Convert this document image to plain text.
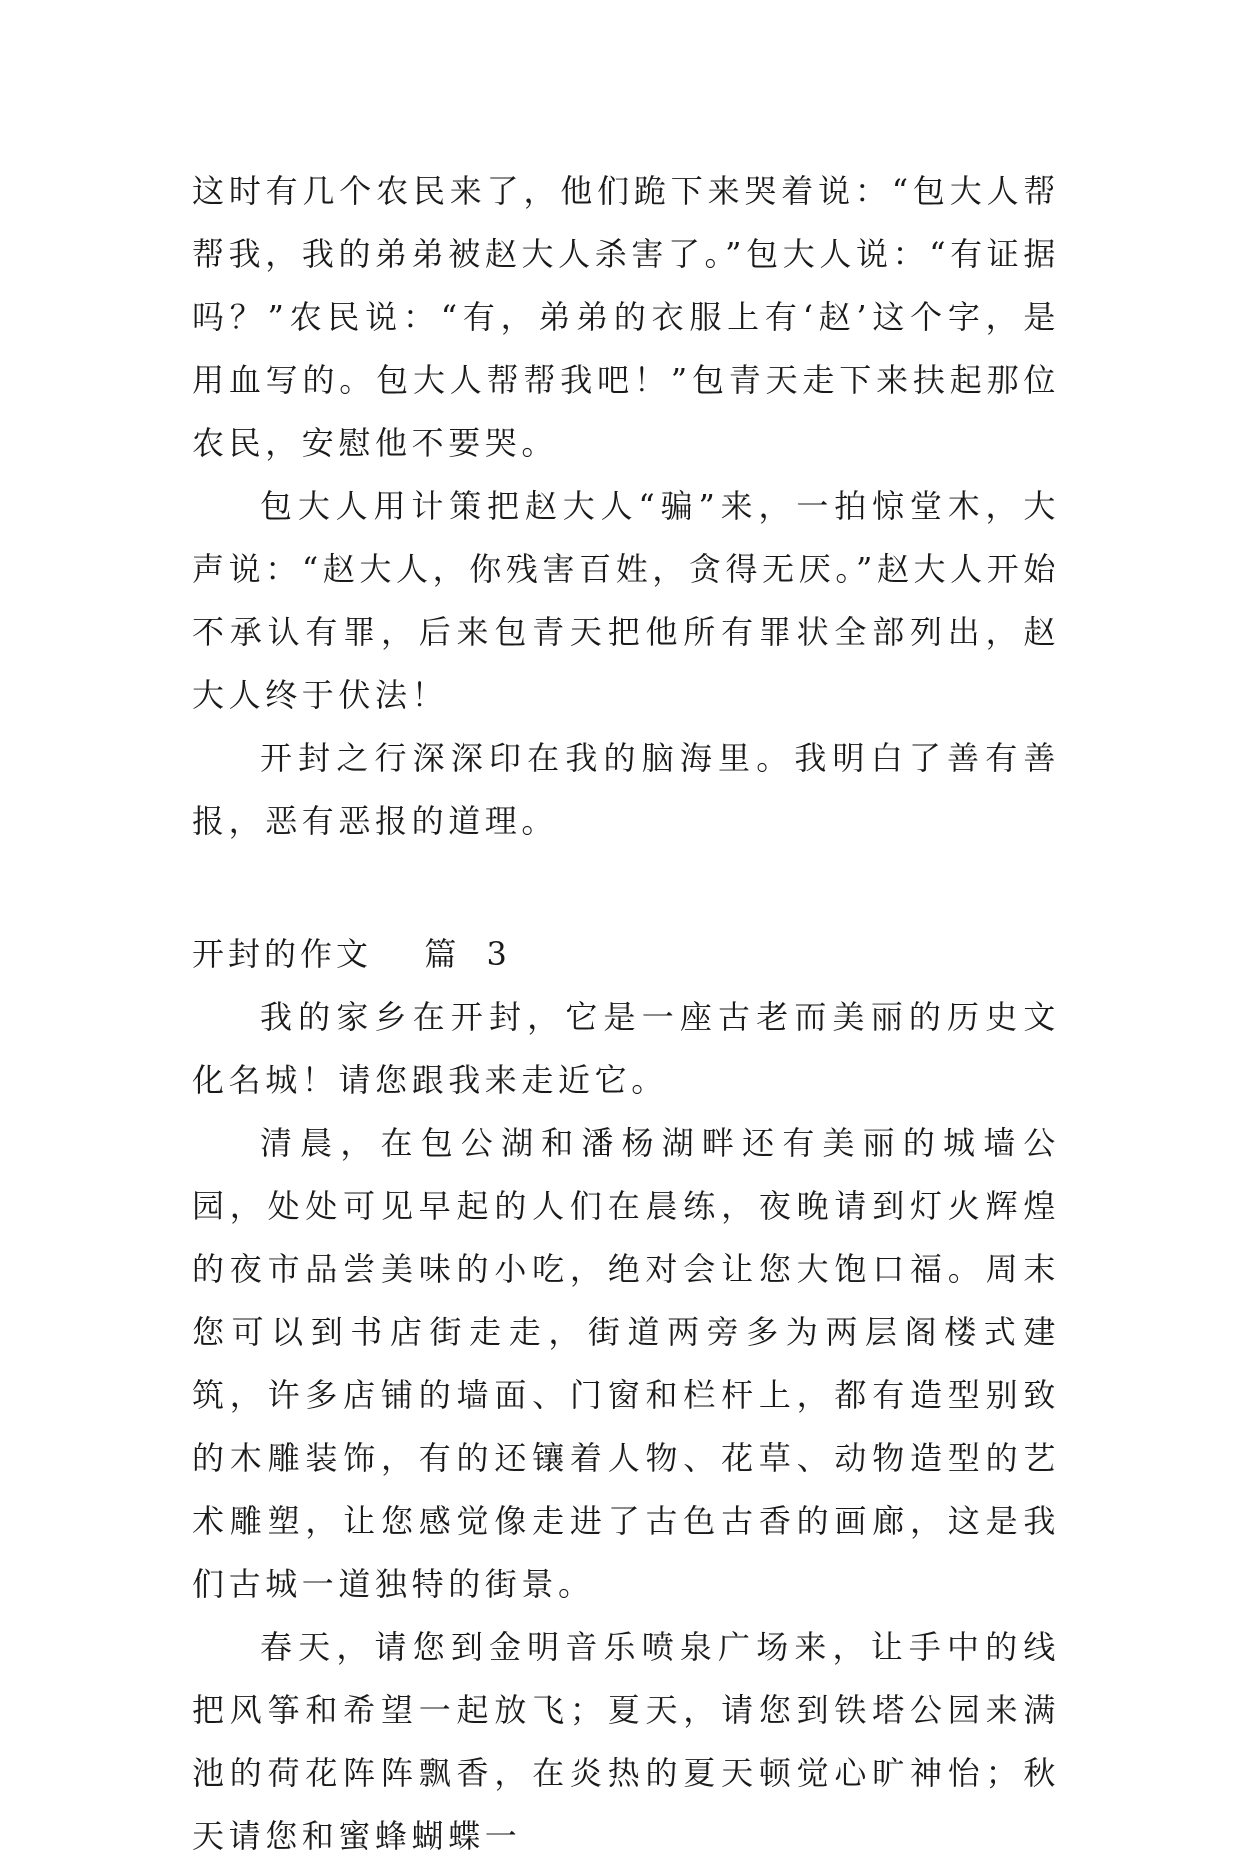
这时有几个农民来了，他们跪下来哭着说：“包大人帮帮我，我的弟弟被赵大人杀害了。”包大人说：“有证据吗？”农民说：“有，弟弟的衣服上有‘赵’这个字，是用血写的。包大人帮帮我吧！”包青天走下来扶起那位农民，安慰他不要哭。

包大人用计策把赵大人“骗”来，一拍惊堂木，大声说：“赵大人，你残害百姓，贪得无厌。”赵大人开始不承认有罪，后来包青天把他所有罪状全部列出，赵大人终于伏法！

开封之行深深印在我的脑海里。我明白了善有善报，恶有恶报的道理。

开封的作文  篇 3

我的家乡在开封，它是一座古老而美丽的历史文化名城！请您跟我来走近它。

清晨，在包公湖和潘杨湖畔还有美丽的城墙公园，处处可见早起的人们在晨练，夜晚请到灯火辉煌的夜市品尝美味的小吃，绝对会让您大饱口福。周末您可以到书店街走走，街道两旁多为两层阁楼式建筑，许多店铺的墙面、门窗和栏杆上，都有造型别致的木雕装饰，有的还镶着人物、花草、动物造型的艺术雕塑，让您感觉像走进了古色古香的画廊，这是我们古城一道独特的街景。

春天，请您到金明音乐喷泉广场来，让手中的线把风筝和希望一起放飞；夏天，请您到铁塔公园来满池的荷花阵阵飘香，在炎热的夏天顿觉心旷神怡；秋天请您和蜜蜂蝴蝶一
